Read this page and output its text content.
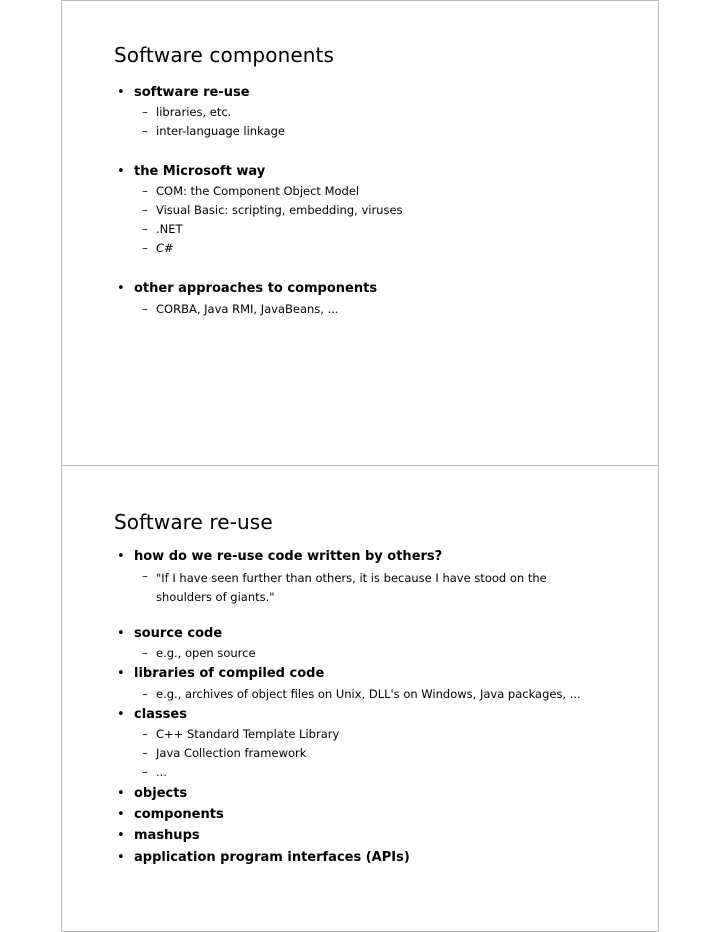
Software components
• software re-use
– libraries, etc.
– inter-language linkage
• the Microsoft way
– COM: the Component Object Model
– Visual Basic: scripting, embedding, viruses
– .NET
– C#
• other approaches to components
– CORBA, Java RMI, JavaBeans, ...
Software re-use
• how do we re-use code written by others?
– "If I have seen further than others, it is because I have stood on the shoulders of giants."
• source code
– e.g., open source
• libraries of compiled code
– e.g., archives of object files on Unix, DLL's on Windows, Java packages, ...
• classes
– C++ Standard Template Library
– Java Collection framework
– ...
• objects
• components
• mashups
• application program interfaces (APIs)
